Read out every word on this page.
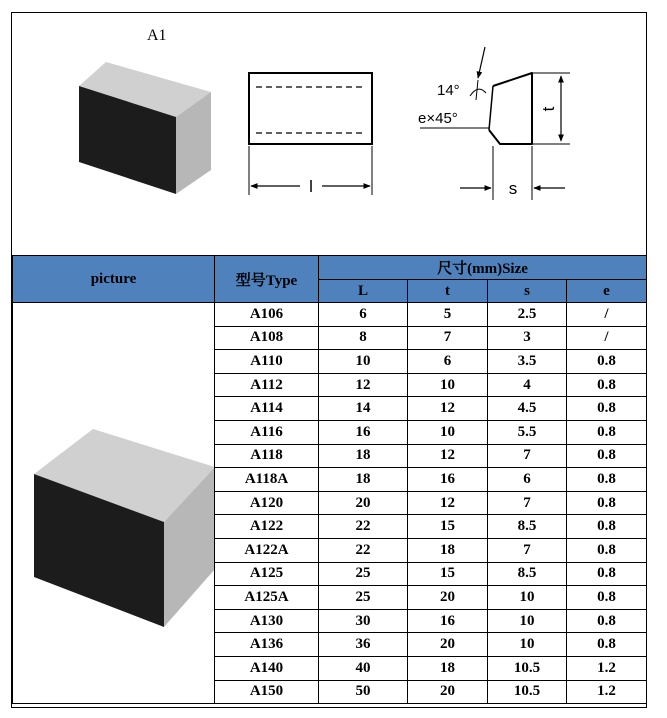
A1
l
t
s
14°
e×45°
picture	型号Type	尺寸(mm)Size			
		L	t	s	e
	A106	6	5	2.5	/
	A108	8	7	3	/
	A110	10	6	3.5	0.8
	A112	12	10	4	0.8
	A114	14	12	4.5	0.8
	A116	16	10	5.5	0.8
	A118	18	12	7	0.8
	A118A	18	16	6	0.8
	A120	20	12	7	0.8
	A122	22	15	8.5	0.8
	A122A	22	18	7	0.8
	A125	25	15	8.5	0.8
	A125A	25	20	10	0.8
	A130	30	16	10	0.8
	A136	36	20	10	0.8
	A140	40	18	10.5	1.2
	A150	50	20	10.5	1.2
